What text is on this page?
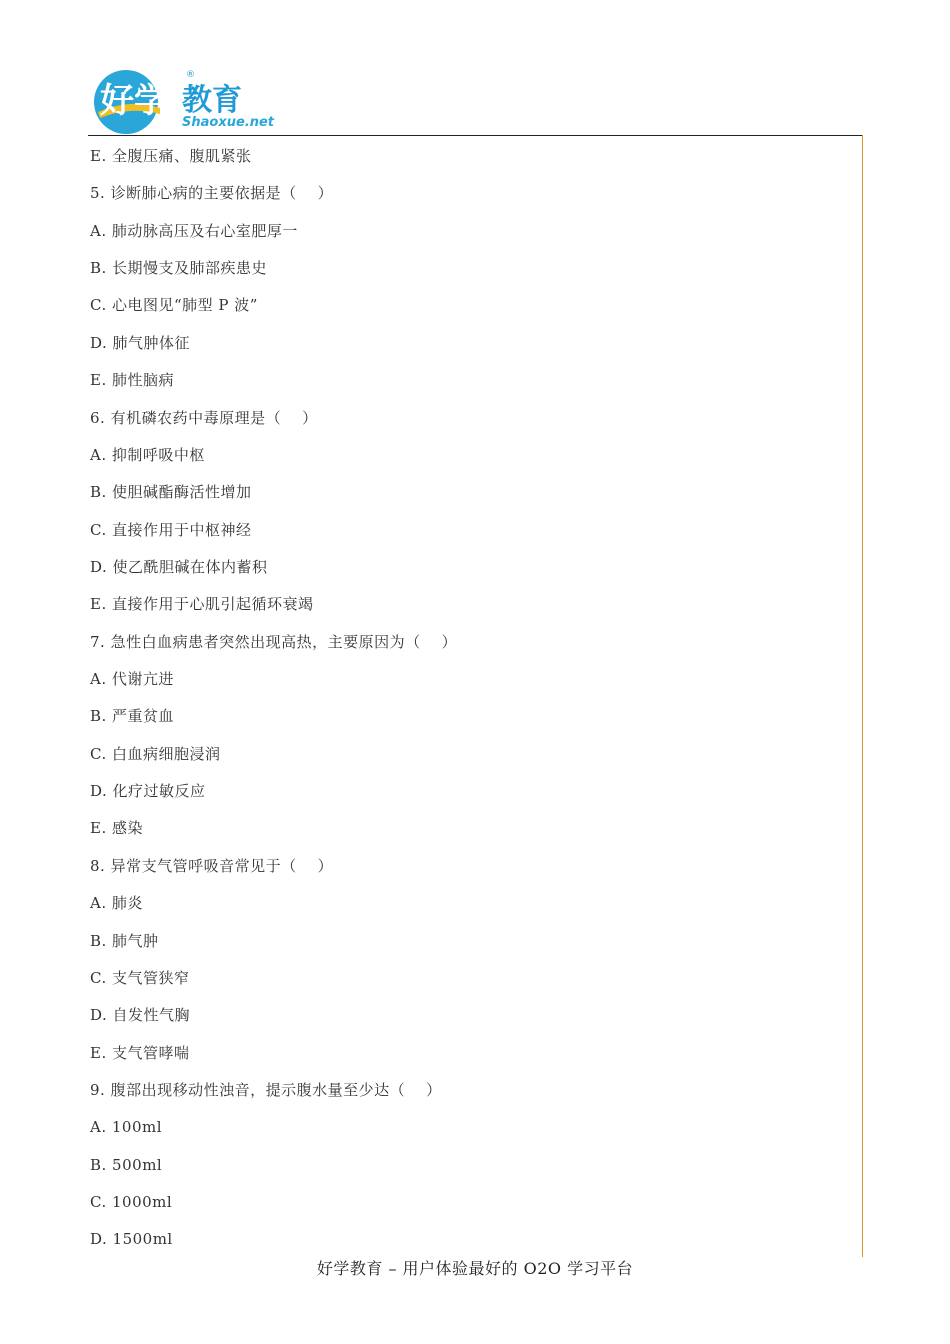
好学
®
教育
Shaoxue.net
E. 全腹压痛、腹肌紧张
5. 诊断肺心病的主要依据是（    ）
A. 肺动脉高压及右心室肥厚一
B. 长期慢支及肺部疾患史
C. 心电图见“肺型 P 波”
D. 肺气肿体征
E. 肺性脑病
6. 有机磷农药中毒原理是（    ）
A. 抑制呼吸中枢
B. 使胆碱酯酶活性增加
C. 直接作用于中枢神经
D. 使乙酰胆碱在体内蓄积
E. 直接作用于心肌引起循环衰竭
7. 急性白血病患者突然出现高热，主要原因为（    ）
A. 代谢亢进
B. 严重贫血
C. 白血病细胞浸润
D. 化疗过敏反应
E. 感染
8. 异常支气管呼吸音常见于（    ）
A. 肺炎
B. 肺气肿
C. 支气管狭窄
D. 自发性气胸
E. 支气管哮喘
9. 腹部出现移动性浊音，提示腹水量至少达（    ）
A. 100ml
B. 500ml
C. 1000ml
D. 1500ml
好学教育 – 用户体验最好的 O2O 学习平台
